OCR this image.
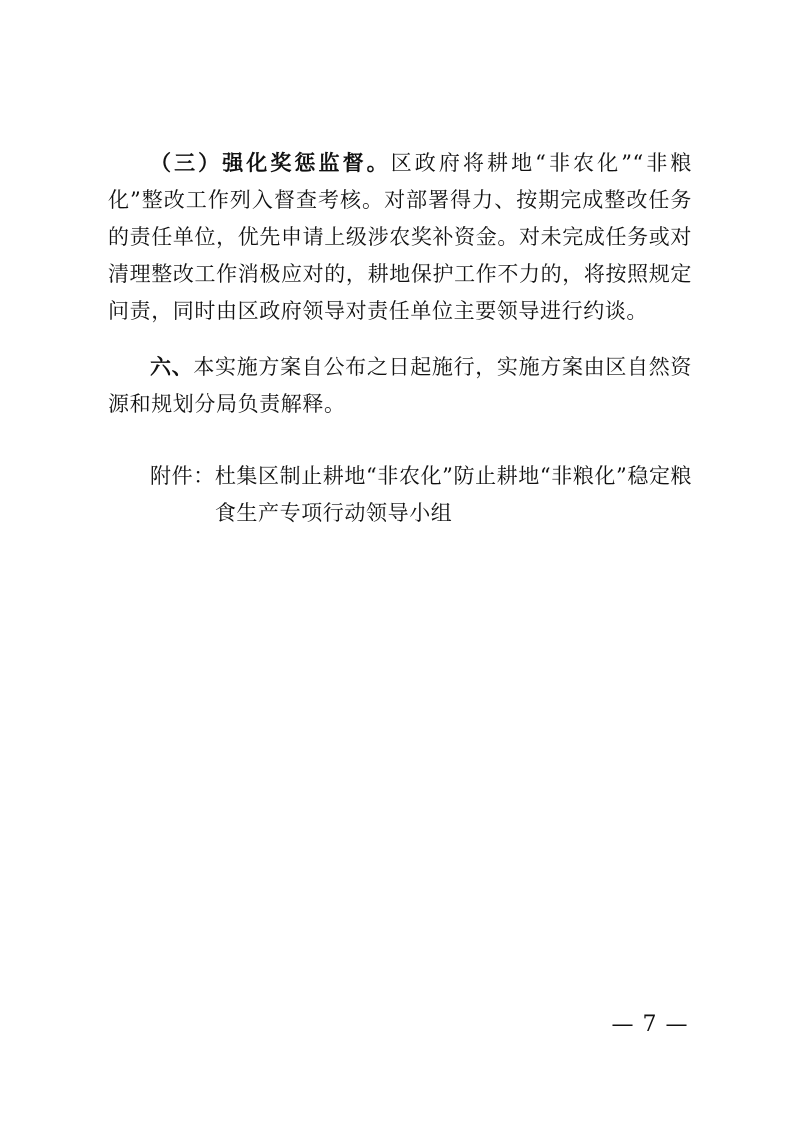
（三）强化奖惩监督。区政府将耕地“非农化”“非粮化”整改工作列入督查考核。对部署得力、按期完成整改任务的责任单位，优先申请上级涉农奖补资金。对未完成任务或对清理整改工作消极应对的，耕地保护工作不力的，将按照规定问责，同时由区政府领导对责任单位主要领导进行约谈。

六、本实施方案自公布之日起施行，实施方案由区自然资源和规划分局负责解释。

附件： 杜集区制止耕地“非农化”防止耕地“非粮化”稳定粮食生产专项行动领导小组
— 7 —
